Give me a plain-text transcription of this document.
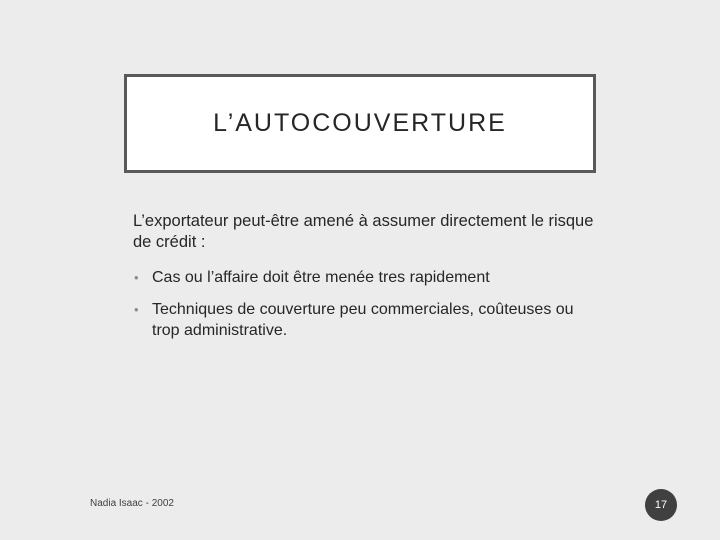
L’AUTOCOUVERTURE

L’exportateur peut-être amené à assumer directement le risque de crédit :

• Cas ou l’affaire doit être menée tres rapidement
• Techniques de couverture peu commerciales, coûteuses ou trop administrative.
Nadia Isaac - 2002	17
